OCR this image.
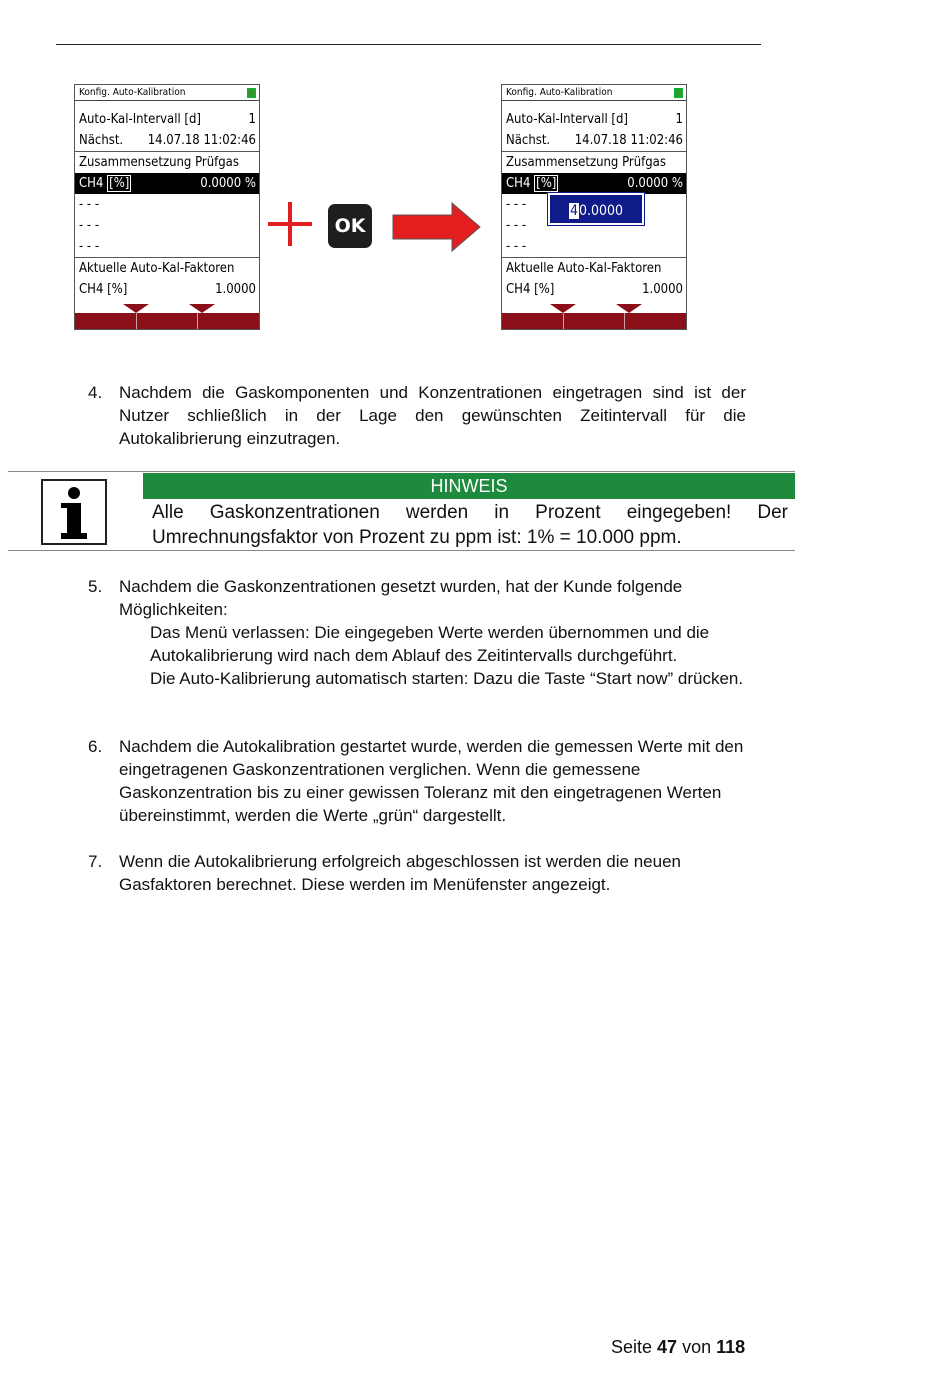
Konfig. Auto-Kalibration
Auto-Kal-Intervall [d]	1
Nächst. 14.07.18 11:02:46
Zusammensetzung Prüfgas
CH4 [%]	0.0000 %
- - -
- - -
- - -
Aktuelle Auto-Kal-Faktoren
CH4 [%]	1.0000
OK
Konfig. Auto-Kalibration
Auto-Kal-Intervall [d]	1
Nächst. 14.07.18 11:02:46
Zusammensetzung Prüfgas
CH4 [%]	0.0000 %
- - -
- - -
- - -
Aktuelle Auto-Kal-Faktoren
CH4 [%]	1.0000
40.0000
4. Nachdem die Gaskomponenten und Konzentrationen eingetragen sind ist der Nutzer schließlich in der Lage den gewünschten Zeitintervall für die Autokalibrierung einzutragen.
HINWEIS
Alle Gaskonzentrationen werden in Prozent eingegeben! Der Umrechnungsfaktor von Prozent zu ppm ist: 1% = 10.000 ppm.
5. Nachdem die Gaskonzentrationen gesetzt wurden, hat der Kunde folgende Möglichkeiten:
Das Menü verlassen: Die eingegeben Werte werden übernommen und die Autokalibrierung wird nach dem Ablauf des Zeitintervalls durchgeführt.
Die Auto-Kalibrierung automatisch starten: Dazu die Taste “Start now” drücken.
6. Nachdem die Autokalibration gestartet wurde, werden die gemessen Werte mit den eingetragenen Gaskonzentrationen verglichen. Wenn die gemessene Gaskonzentration bis zu einer gewissen Toleranz mit den eingetragenen Werten übereinstimmt, werden die Werte „grün“ dargestellt.
7. Wenn die Autokalibrierung erfolgreich abgeschlossen ist werden die neuen Gasfaktoren berechnet. Diese werden im Menüfenster angezeigt.
Seite 47 von 118
